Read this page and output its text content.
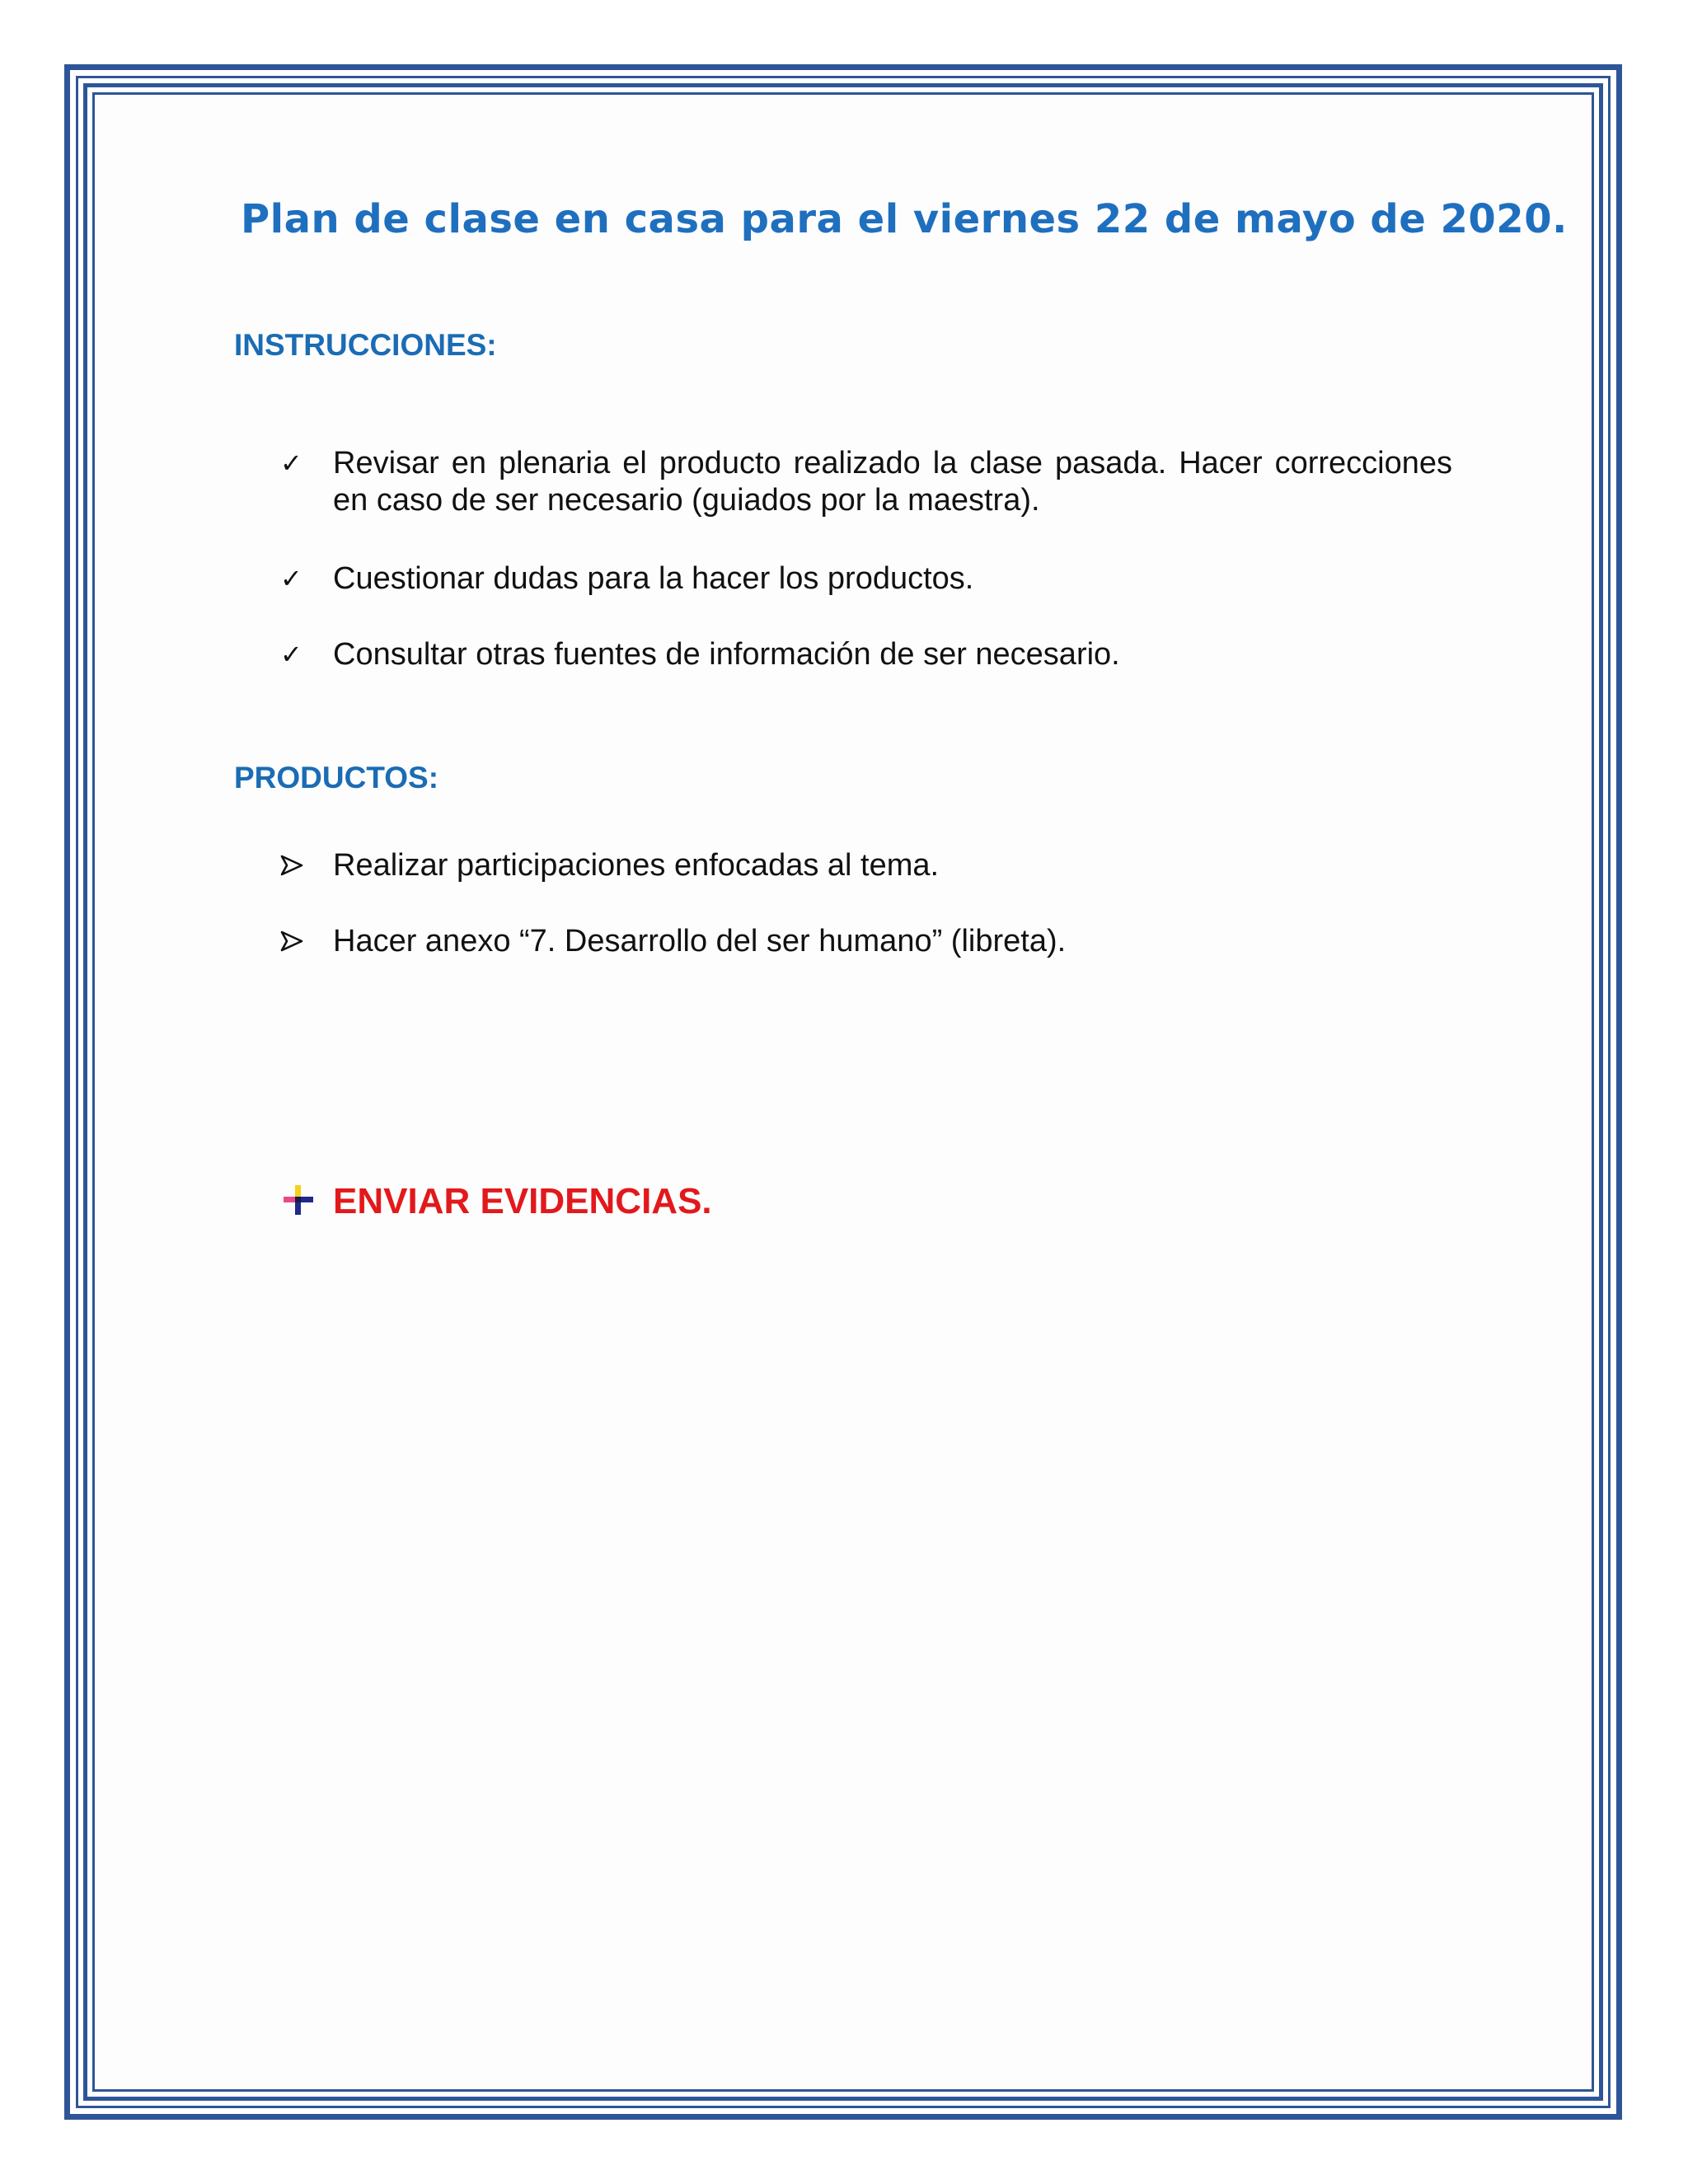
Plan de clase en casa para el viernes 22 de mayo de 2020.
INSTRUCCIONES:
✓ Revisar en plenaria el producto realizado la clase pasada. Hacer correcciones en caso de ser necesario (guiados por la maestra).
✓ Cuestionar dudas para la hacer los productos.
✓ Consultar otras fuentes de información de ser necesario.
PRODUCTOS:
Realizar participaciones enfocadas al tema.
Hacer anexo “7. Desarrollo del ser humano” (libreta).
ENVIAR EVIDENCIAS.
